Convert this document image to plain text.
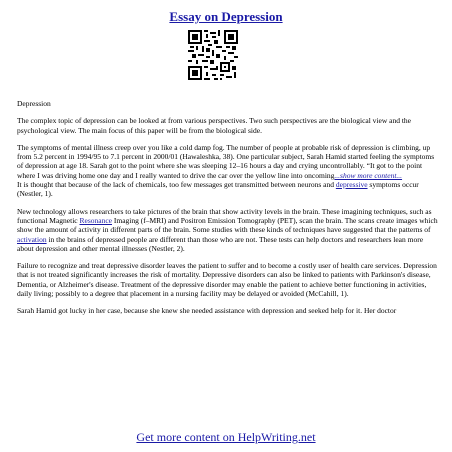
Essay on Depression

Depression

The complex topic of depression can be looked at from various perspectives. Two such perspectives are the biological view and the psychological view. The main focus of this paper will be from the biological side.

The symptoms of mental illness creep over you like a cold damp fog. The number of people at probable risk of depression is climbing, up from 5.2 percent in 1994/95 to 7.1 percent in 2000/01 (Hawaleshka, 38). One particular subject, Sarah Hamid started feeling the symptoms of depression at age 18. Sarah got to the point where she was sleeping 12–16 hours a day and crying uncontrollably. “It got to the point where I was driving home one day and I really wanted to drive the car over the yellow line into oncoming...show more content...
It is thought that because of the lack of chemicals, too few messages get transmitted between neurons and depressive symptoms occur (Nestler, 1).

New technology allows researchers to take pictures of the brain that show activity levels in the brain. These imagining techniques, such as functional Magnetic Resonance Imaging (f–MRI) and Positron Emission Tomography (PET), scan the brain. The scans create images which show the amount of activity in different parts of the brain. Some studies with these kinds of techniques have suggested that the patterns of activation in the brains of depressed people are different than those who are not. These tests can help doctors and researchers lean more about depression and other mental illnesses (Nestler, 2).

Failure to recognize and treat depressive disorder leaves the patient to suffer and to become a costly user of health care services. Depression that is not treated significantly increases the risk of mortality. Depressive disorders can also be linked to patients with Parkinson's disease, Dementia, or Alzheimer's disease. Treatment of the depressive disorder may enable the patient to achieve better functioning in activities, daily living; possibly to a degree that placement in a nursing facility may be delayed or avoided (McCahill, 1).

Sarah Hamid got lucky in her case, because she knew she needed assistance with depression and seeked help for it. Her doctor

Get more content on HelpWriting.net
